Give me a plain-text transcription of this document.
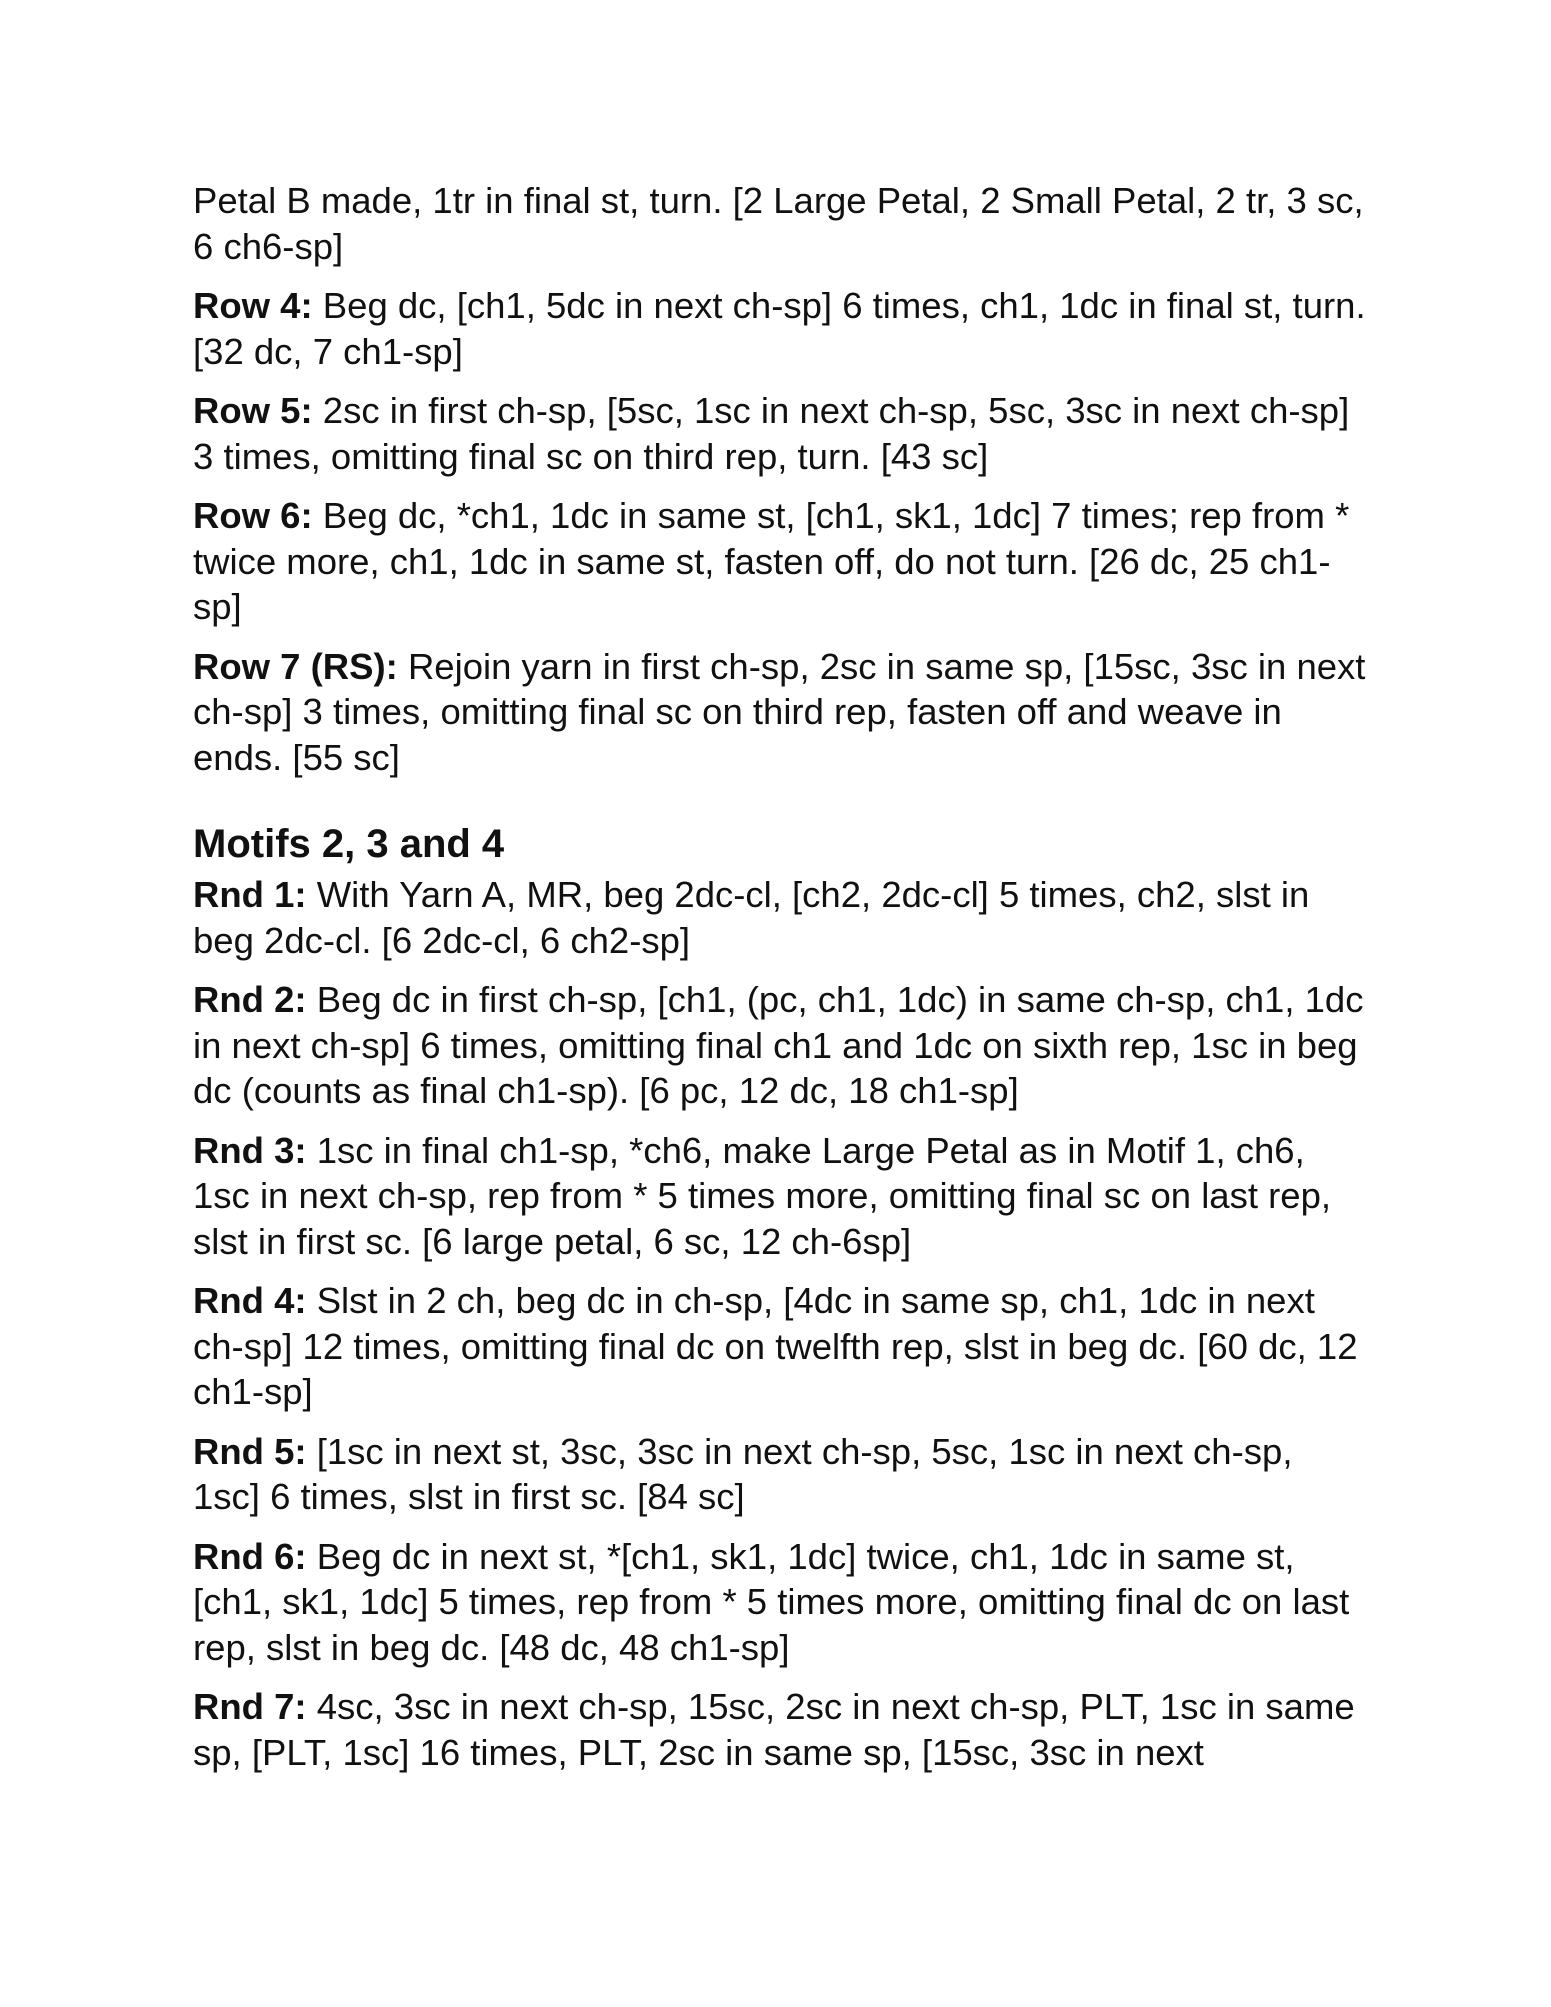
Petal B made, 1tr in final st, turn. [2 Large Petal, 2 Small Petal, 2 tr, 3 sc, 6 ch6-sp]

Row 4: Beg dc, [ch1, 5dc in next ch-sp] 6 times, ch1, 1dc in final st, turn. [32 dc, 7 ch1-sp]

Row 5: 2sc in first ch-sp, [5sc, 1sc in next ch-sp, 5sc, 3sc in next ch-sp] 3 times, omitting final sc on third rep, turn. [43 sc]

Row 6: Beg dc, *ch1, 1dc in same st, [ch1, sk1, 1dc] 7 times; rep from * twice more, ch1, 1dc in same st, fasten off, do not turn. [26 dc, 25 ch1-sp]

Row 7 (RS): Rejoin yarn in first ch-sp, 2sc in same sp, [15sc, 3sc in next ch-sp] 3 times, omitting final sc on third rep, fasten off and weave in ends. [55 sc]

Motifs 2, 3 and 4

Rnd 1: With Yarn A, MR, beg 2dc-cl, [ch2, 2dc-cl] 5 times, ch2, slst in beg 2dc-cl. [6 2dc-cl, 6 ch2-sp]

Rnd 2: Beg dc in first ch-sp, [ch1, (pc, ch1, 1dc) in same ch-sp, ch1, 1dc in next ch-sp] 6 times, omitting final ch1 and 1dc on sixth rep, 1sc in beg dc (counts as final ch1-sp). [6 pc, 12 dc, 18 ch1-sp]

Rnd 3: 1sc in final ch1-sp, *ch6, make Large Petal as in Motif 1, ch6, 1sc in next ch-sp, rep from * 5 times more, omitting final sc on last rep, slst in first sc. [6 large petal, 6 sc, 12 ch-6sp]

Rnd 4: Slst in 2 ch, beg dc in ch-sp, [4dc in same sp, ch1, 1dc in next ch-sp] 12 times, omitting final dc on twelfth rep, slst in beg dc. [60 dc, 12 ch1-sp]

Rnd 5: [1sc in next st, 3sc, 3sc in next ch-sp, 5sc, 1sc in next ch-sp, 1sc] 6 times, slst in first sc. [84 sc]

Rnd 6: Beg dc in next st, *[ch1, sk1, 1dc] twice, ch1, 1dc in same st, [ch1, sk1, 1dc] 5 times, rep from * 5 times more, omitting final dc on last rep, slst in beg dc. [48 dc, 48 ch1-sp]

Rnd 7: 4sc, 3sc in next ch-sp, 15sc, 2sc in next ch-sp, PLT, 1sc in same sp, [PLT, 1sc] 16 times, PLT, 2sc in same sp, [15sc, 3sc in next
